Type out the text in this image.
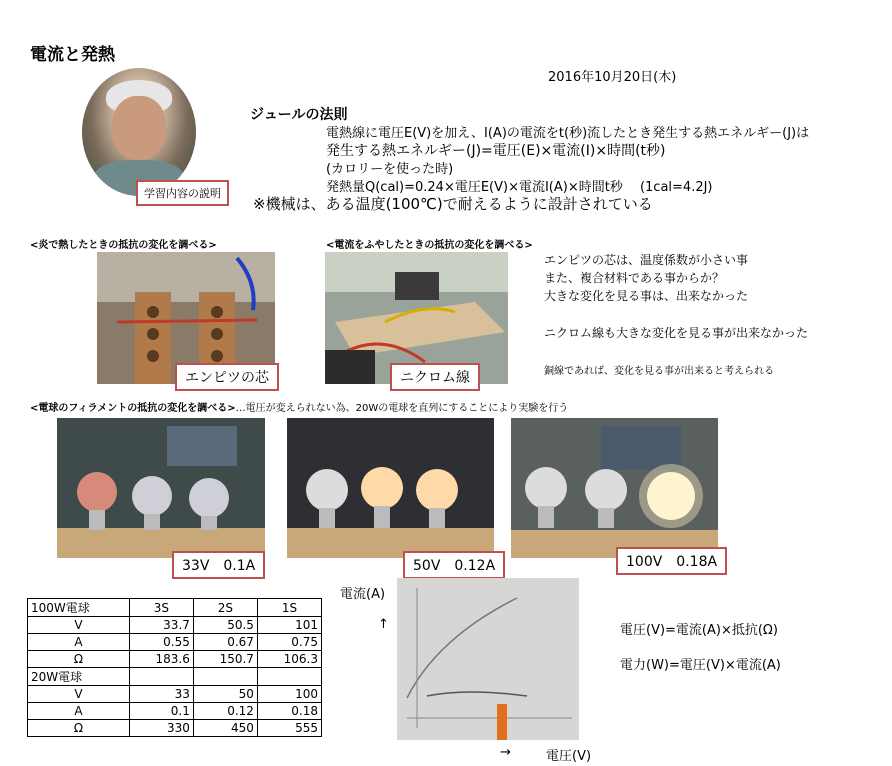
電流と発熱
2016年10月20日(木)
学習内容の説明
ジュールの法則
電熱線に電圧E(V)を加え、I(A)の電流をt(秒)流したとき発生する熱エネルギー(J)は
発生する熱エネルギー(J)=電圧(E)×電流(I)×時間(t秒)
(カロリーを使った時)
発熱量Q(cal)=0.24×電圧E(V)×電流I(A)×時間t秒　 (1cal=4.2J)
※機械は、ある温度(100℃)で耐えるように設計されている
<炎で熱したときの抵抗の変化を調べる>
エンピツの芯
<電流をふやしたときの抵抗の変化を調べる>
ニクロム線
エンピツの芯は、温度係数が小さい事
また、複合材料である事からか？
大きな変化を見る事は、出来なかった
ニクロム線も大きな変化を見る事が出来なかった
銅線であれば、変化を見る事が出来ると考えられる
<電球のフィラメントの抵抗の変化を調べる>…電圧が変えられない為、20Wの電球を直列にすることにより実験を行う
33V　0.1A	50V　0.12A	100V　0.18A
100W電球	3S	2S	1S
V	33.7	50.5	101
A	0.55	0.67	0.75
Ω	183.6	150.7	106.3
20W電球			
V	33	50	100
A	0.1	0.12	0.18
Ω	330	450	555
電流(A)
↑
→	電圧(V)
電圧(V)=電流(A)×抵抗(Ω)
電力(W)=電圧(V)×電流(A)
